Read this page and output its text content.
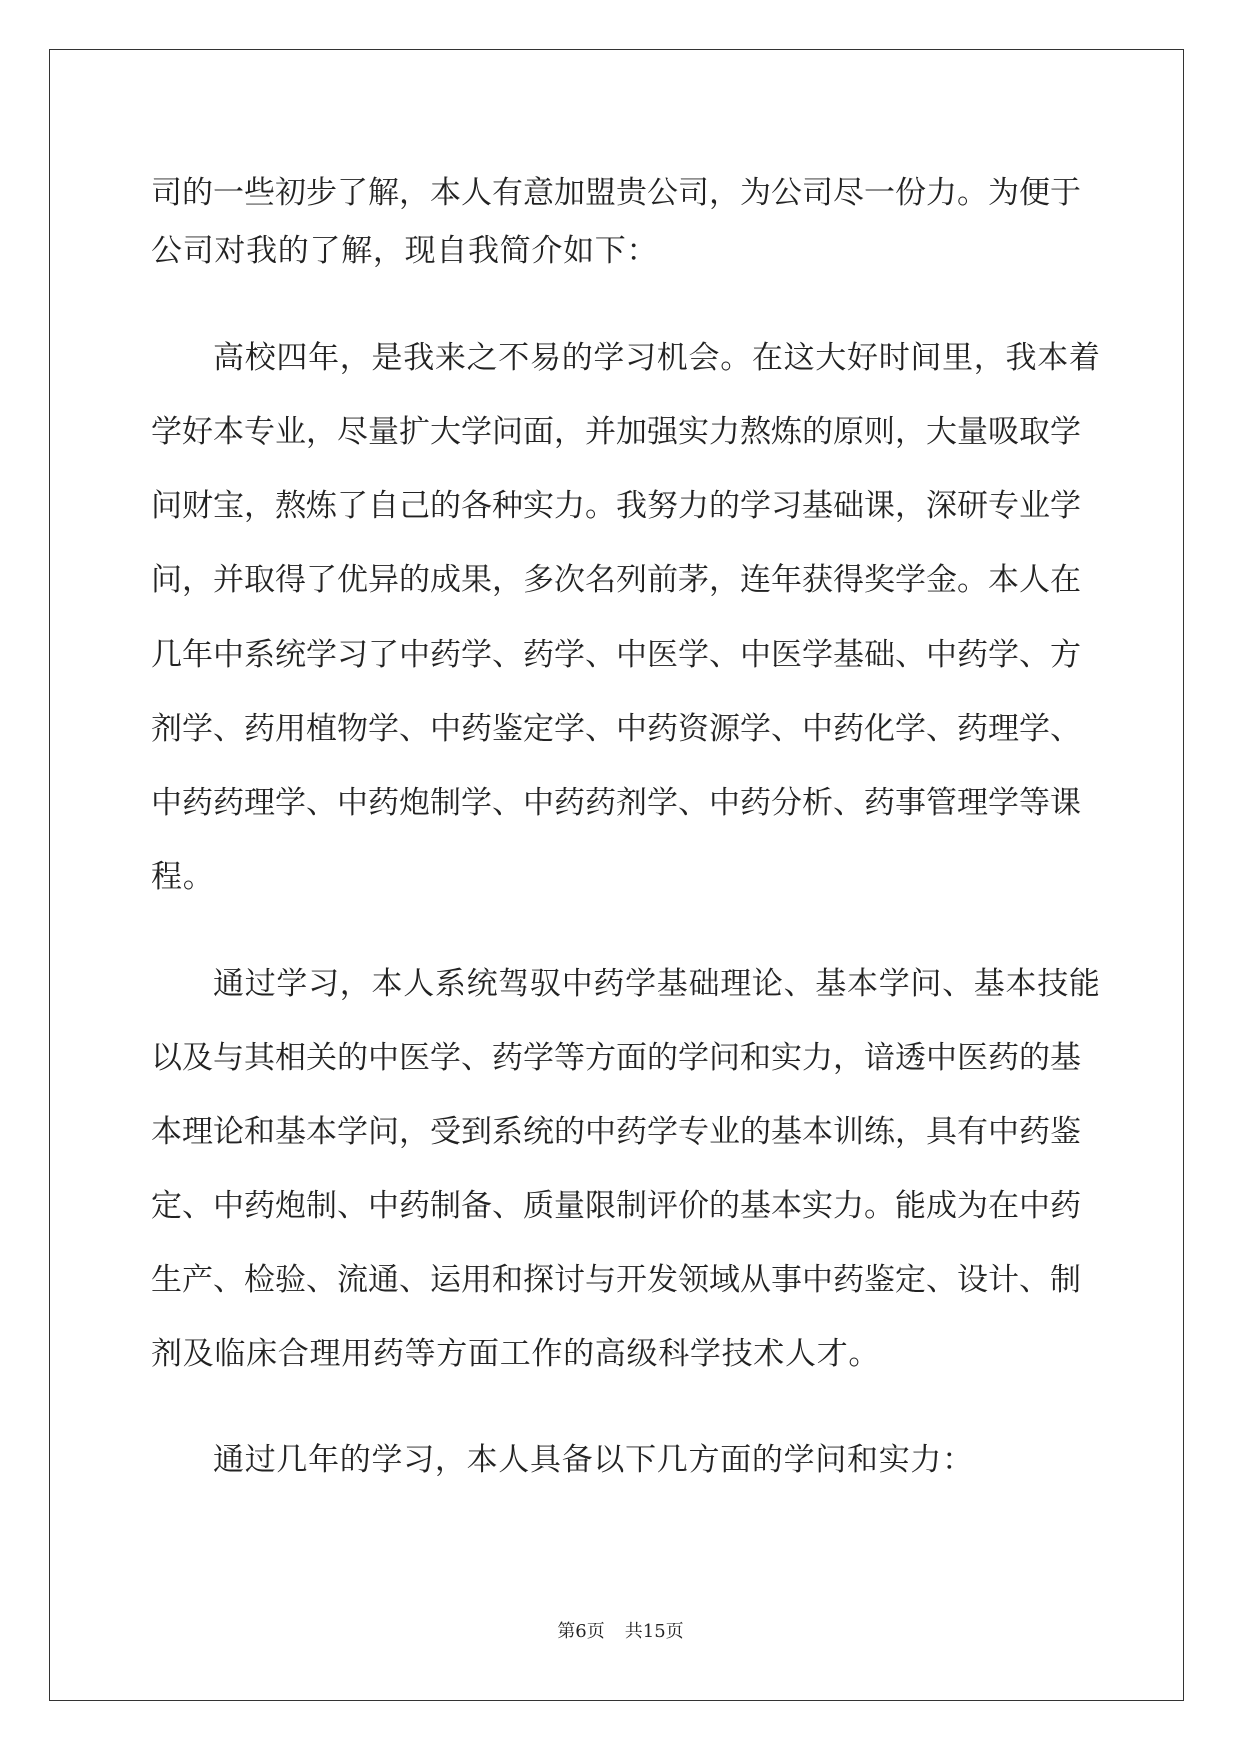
司的一些初步了解，本人有意加盟贵公司，为公司尽一份力。为便于
公司对我的了解，现自我简介如下：
高校四年，是我来之不易的学习机会。在这大好时间里，我本着
学好本专业，尽量扩大学问面，并加强实力熬炼的原则，大量吸取学
问财宝，熬炼了自己的各种实力。我努力的学习基础课，深研专业学
问，并取得了优异的成果，多次名列前茅，连年获得奖学金。本人在
几年中系统学习了中药学、药学、中医学、中医学基础、中药学、方
剂学、药用植物学、中药鉴定学、中药资源学、中药化学、药理学、
中药药理学、中药炮制学、中药药剂学、中药分析、药事管理学等课
程。
通过学习，本人系统驾驭中药学基础理论、基本学问、基本技能
以及与其相关的中医学、药学等方面的学问和实力，谙透中医药的基
本理论和基本学问，受到系统的中药学专业的基本训练，具有中药鉴
定、中药炮制、中药制备、质量限制评价的基本实力。能成为在中药
生产、检验、流通、运用和探讨与开发领域从事中药鉴定、设计、制
剂及临床合理用药等方面工作的高级科学技术人才。
通过几年的学习，本人具备以下几方面的学问和实力：
第6页 共15页
